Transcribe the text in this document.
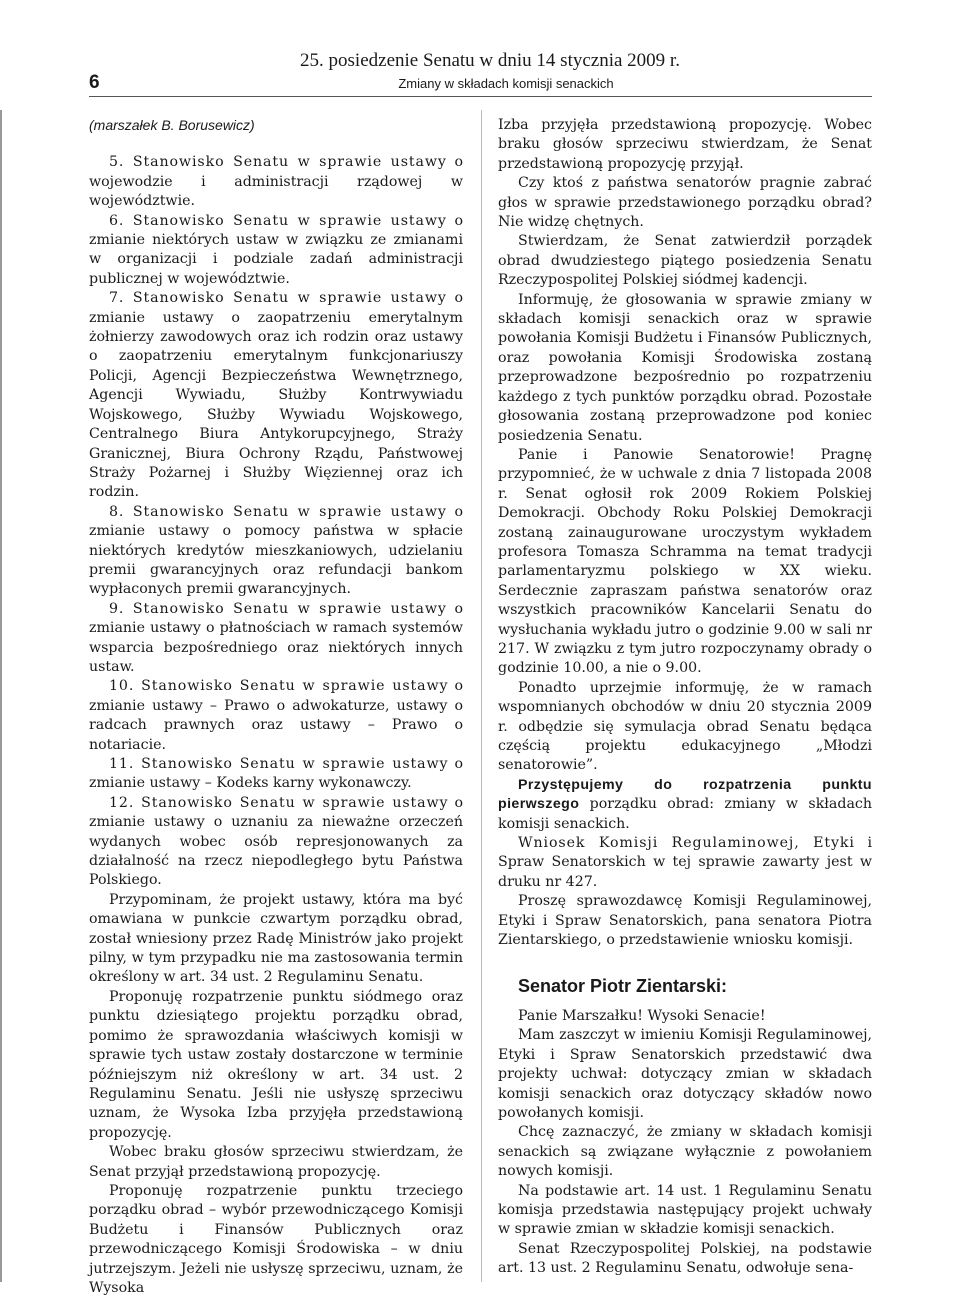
6
25. posiedzenie Senatu w dniu 14 stycznia 2009 r.
Zmiany w składach komisji senackich

(marszałek B. Borusewicz)

5. Stanowisko Senatu w sprawie ustawy o wojewodzie i administracji rządowej w województwie.

6. Stanowisko Senatu w sprawie ustawy o zmianie niektórych ustaw w związku ze zmianami w organizacji i podziale zadań administracji publicznej w województwie.

7. Stanowisko Senatu w sprawie ustawy o zmianie ustawy o zaopatrzeniu emerytalnym żołnierzy zawodowych oraz ich rodzin oraz ustawy o zaopatrzeniu emerytalnym funkcjonariuszy Policji, Agencji Bezpieczeństwa Wewnętrznego, Agencji Wywiadu, Służby Kontrwywiadu Wojskowego, Służby Wywiadu Wojskowego, Centralnego Biura Antykorupcyjnego, Straży Granicznej, Biura Ochrony Rządu, Państwowej Straży Pożarnej i Służby Więziennej oraz ich rodzin.

8. Stanowisko Senatu w sprawie ustawy o zmianie ustawy o pomocy państwa w spłacie niektórych kredytów mieszkaniowych, udzielaniu premii gwarancyjnych oraz refundacji bankom wypłaconych premii gwarancyjnych.

9. Stanowisko Senatu w sprawie ustawy o zmianie ustawy o płatnościach w ramach systemów wsparcia bezpośredniego oraz niektórych innych ustaw.

10. Stanowisko Senatu w sprawie ustawy o zmianie ustawy – Prawo o adwokaturze, ustawy o radcach prawnych oraz ustawy – Prawo o notariacie.

11. Stanowisko Senatu w sprawie ustawy o zmianie ustawy – Kodeks karny wykonawczy.

12. Stanowisko Senatu w sprawie ustawy o zmianie ustawy o uznaniu za nieważne orzeczeń wydanych wobec osób represjonowanych za działalność na rzecz niepodległego bytu Państwa Polskiego.

Przypominam, że projekt ustawy, która ma być omawiana w punkcie czwartym porządku obrad, został wniesiony przez Radę Ministrów jako projekt pilny, w tym przypadku nie ma zastosowania termin określony w art. 34 ust. 2 Regulaminu Senatu.

Proponuję rozpatrzenie punktu siódmego oraz punktu dziesiątego projektu porządku obrad, pomimo że sprawozdania właściwych komisji w sprawie tych ustaw zostały dostarczone w terminie późniejszym niż określony w art. 34 ust. 2 Regulaminu Senatu. Jeśli nie usłyszę sprzeciwu uznam, że Wysoka Izba przyjęła przedstawioną propozycję.

Wobec braku głosów sprzeciwu stwierdzam, że Senat przyjął przedstawioną propozycję.

Proponuję rozpatrzenie punktu trzeciego porządku obrad – wybór przewodniczącego Komisji Budżetu i Finansów Publicznych oraz przewodniczącego Komisji Środowiska – w dniu jutrzejszym. Jeżeli nie usłyszę sprzeciwu, uznam, że Wysoka

Izba przyjęła przedstawioną propozycję. Wobec braku głosów sprzeciwu stwierdzam, że Senat przedstawioną propozycję przyjął.

Czy ktoś z państwa senatorów pragnie zabrać głos w sprawie przedstawionego porządku obrad? Nie widzę chętnych.

Stwierdzam, że Senat zatwierdził porządek obrad dwudziestego piątego posiedzenia Senatu Rzeczypospolitej Polskiej siódmej kadencji.

Informuję, że głosowania w sprawie zmiany w składach komisji senackich oraz w sprawie powołania Komisji Budżetu i Finansów Publicznych, oraz powołania Komisji Środowiska zostaną przeprowadzone bezpośrednio po rozpatrzeniu każdego z tych punktów porządku obrad. Pozostałe głosowania zostaną przeprowadzone pod koniec posiedzenia Senatu.

Panie i Panowie Senatorowie! Pragnę przypomnieć, że w uchwale z dnia 7 listopada 2008 r. Senat ogłosił rok 2009 Rokiem Polskiej Demokracji. Obchody Roku Polskiej Demokracji zostaną zainaugurowane uroczystym wykładem profesora Tomasza Schramma na temat tradycji parlamentaryzmu polskiego w XX wieku. Serdecznie zapraszam państwa senatorów oraz wszystkich pracowników Kancelarii Senatu do wysłuchania wykładu jutro o godzinie 9.00 w sali nr 217. W związku z tym jutro rozpoczynamy obrady o godzinie 10.00, a nie o 9.00.

Ponadto uprzejmie informuję, że w ramach wspomnianych obchodów w dniu 20 stycznia 2009 r. odbędzie się symulacja obrad Senatu będąca częścią projektu edukacyjnego „Młodzi senatorowie”.

Przystępujemy do rozpatrzenia punktu pierwszego porządku obrad: zmiany w składach komisji senackich.

Wniosek Komisji Regulaminowej, Etyki i Spraw Senatorskich w tej sprawie zawarty jest w druku nr 427.

Proszę sprawozdawcę Komisji Regulaminowej, Etyki i Spraw Senatorskich, pana senatora Piotra Zientarskiego, o przedstawienie wniosku komisji.

Senator Piotr Zientarski:

Panie Marszałku! Wysoki Senacie!

Mam zaszczyt w imieniu Komisji Regulaminowej, Etyki i Spraw Senatorskich przedstawić dwa projekty uchwał: dotyczący zmian w składach komisji senackich oraz dotyczący składów nowo powołanych komisji.

Chcę zaznaczyć, że zmiany w składach komisji senackich są związane wyłącznie z powołaniem nowych komisji.

Na podstawie art. 14 ust. 1 Regulaminu Senatu komisja przedstawia następujący projekt uchwały w sprawie zmian w składzie komisji senackich.

Senat Rzeczypospolitej Polskiej, na podstawie art. 13 ust. 2 Regulaminu Senatu, odwołuje sena-
